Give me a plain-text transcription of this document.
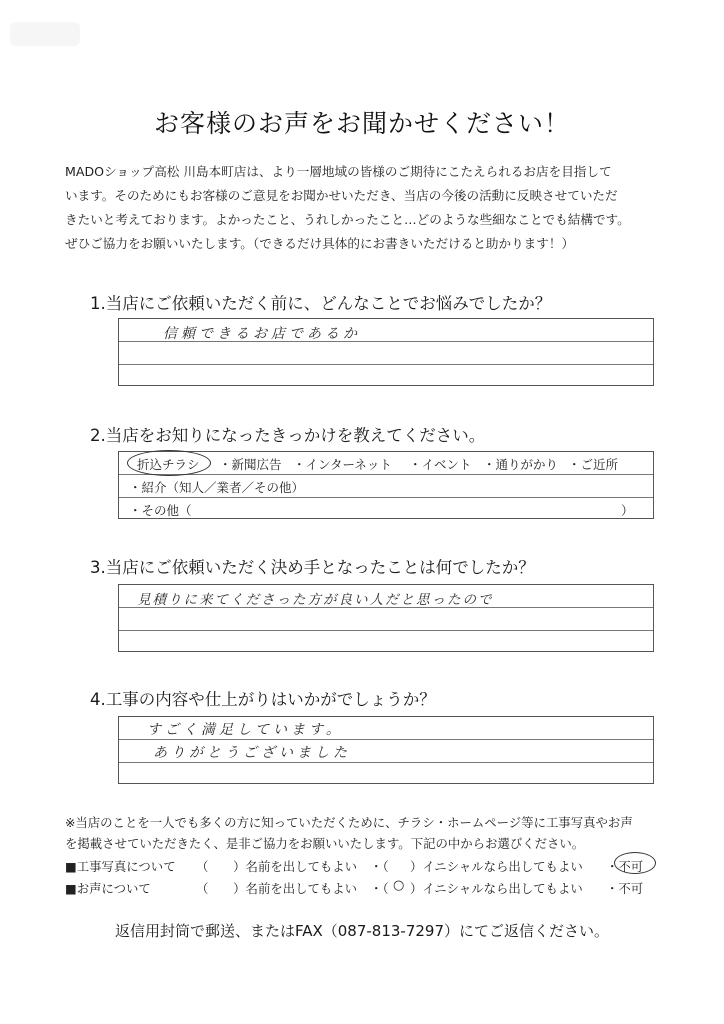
お客様のお声をお聞かせください！
MADOショップ高松 川島本町店は、より一層地域の皆様のご期待にこたえられるお店を目指して
います。そのためにもお客様のご意見をお聞かせいただき、当店の今後の活動に反映させていただ
きたいと考えております。よかったこと、うれしかったこと…どのような些細なことでも結構です。
ぜひご協力をお願いいたします。（できるだけ具体的にお書きいただけると助かります！）
1.当店にご依頼いただく前に、どんなことでお悩みでしたか？
信頼できるお店であるか
2.当店をお知りになったきっかけを教えてください。
折込チラシ ・新聞広告 ・インターネット ・イベント ・通りがかり ・ご近所
・紹介（知人／業者／その他）
・その他（	）
3.当店にご依頼いただく決め手となったことは何でしたか？
見積りに来てくださった方が良い人だと思ったので
4.工事の内容や仕上がりはいかがでしょうか？
すごく満足しています。
ありがとうございました
※当店のことを一人でも多くの方に知っていただくために、チラシ・ホームページ等に工事写真やお声
を掲載させていただきたく、是非ご協力をお願いいたします。下記の中からお選びください。
■工事写真について （　　）名前を出してもよい ・（ ）イニシャルなら出してもよい ・不可
■お声について	（　　）名前を出してもよい ・（ ○ ）イニシャルなら出してもよい ・不可
返信用封筒で郵送、またはFAX（087-813-7297）にてご返信ください。
